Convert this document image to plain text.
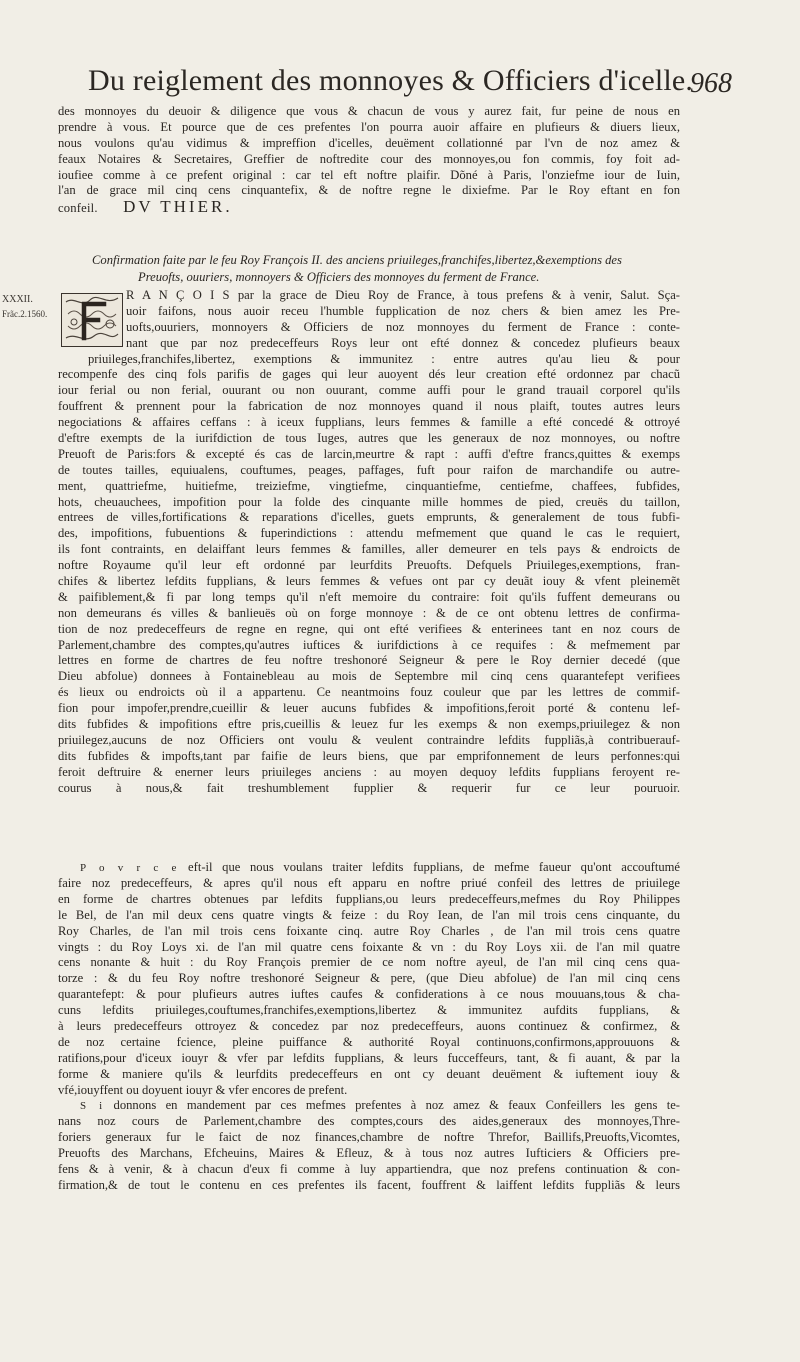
Du reiglement des monnoyes & Officiers d'icelle.
968
des monnoyes du deuoir & diligence que vous & chacun de vous y aurez fait, fur peine de nous en
prendre à vous. Et pource que de ces prefentes l'on pourra auoir affaire en plufieurs & diuers lieux,
nous voulons qu'au vidimus & impreffion d'icelles, deuëment collationné par l'vn de noz amez &
feaux Notaires & Secretaires, Greffier de noftredite cour des monnoyes,ou fon commis, foy foit ad-
ioufiee comme à ce prefent original : car tel eft noftre plaifir. Dõné à Paris, l'onziefme iour de Iuin,
l'an de grace mil cinq cens cinquantefix, & de noftre regne le dixiefme. Par le Roy eftant en fon
confeil. DV THIER.
Confirmation faite par le feu Roy François II. des anciens priuileges,franchifes,libertez,&exemptions des
Preuofts, ouuriers, monnoyers & Officiers des monnoyes du ferment de France.
XXXII.
Frãc.2.1560.
R A N Ç O I S par la grace de Dieu Roy de France, à tous prefens & à venir, Salut. Sça-
uoir faifons, nous auoir receu l'humble fupplication de noz chers & bien amez les Pre-
uofts,ouuriers, monnoyers & Officiers de noz monnoyes du ferment de France : conte-
nant que par noz predeceffeurs Roys leur ont efté donnez & concedez plufieurs beaux
priuileges,franchifes,libertez, exemptions & immunitez : entre autres qu'au lieu & pour
recompenfe des cinq fols parifis de gages qui leur auoyent dés leur creation efté ordonnez par chacũ
iour ferial ou non ferial, ouurant ou non ouurant, comme auffi pour le grand trauail corporel qu'ils
fouffrent & prennent pour la fabrication de noz monnoyes quand il nous plaift, toutes autres leurs
negociations & affaires ceffans : à iceux fupplians, leurs femmes & famille a efté concedé & ottroyé
d'eftre exempts de la iurifdiction de tous Iuges, autres que les generaux de noz monnoyes, ou noftre
Preuoft de Paris:fors & excepté és cas de larcin,meurtre & rapt : auffi d'eftre francs,quittes & exemps
de toutes tailles, equiualens, couftumes, peages, paffages, fuft pour raifon de marchandife ou autre-
ment, quattriefme, huitiefme, treiziefme, vingtiefme, cinquantiefme, centiefme, chaffees, fubfides,
hots, cheuauchees, impofition pour la folde des cinquante mille hommes de pied, creuës du taillon,
entrees de villes,fortifications & reparations d'icelles, guets emprunts, & generalement de tous fubfi-
des, impofitions, fubuentions & fuperindictions : attendu mefmement que quand le cas le requiert,
ils font contraints, en delaiffant leurs femmes & familles, aller demeurer en tels pays & endroicts de
noftre Royaume qu'il leur eft ordonné par leurfdits Preuofts. Defquels Priuileges,exemptions, fran-
chifes & libertez lefdits fupplians, & leurs femmes & vefues ont par cy deuãt iouy & vfent pleinemẽt
& paifiblement,& fi par long temps qu'il n'eft memoire du contraire: foit qu'ils fuffent demeurans ou
non demeurans és villes & banlieuës où on forge monnoye : & de ce ont obtenu lettres de confirma-
tion de noz predeceffeurs de regne en regne, qui ont efté verifiees & enterinees tant en noz cours de
Parlement,chambre des comptes,qu'autres iuftices & iurifdictions à ce requifes : & mefmement par
lettres en forme de chartres de feu noftre treshonoré Seigneur & pere le Roy dernier decedé (que
Dieu abfolue) donnees à Fontainebleau au mois de Septembre mil cinq cens quarantefept verifiees
és lieux ou endroicts où il a appartenu. Ce neantmoins fouz couleur que par les lettres de commif-
fion pour impofer,prendre,cueillir & leuer aucuns fubfides & impofitions,feroit porté & contenu lef-
dits fubfides & impofitions eftre pris,cueillis & leuez fur les exemps & non exemps,priuilegez & non
priuilegez,aucuns de noz Officiers ont voulu & veulent contraindre lefdits fuppliãs,à contribuerauf-
dits fubfides & impofts,tant par faifie de leurs biens, que par emprifonnement de leurs perfonnes:qui
feroit deftruire & enerner leurs priuileges anciens : au moyen dequoy lefdits fupplians feroyent re-
courus à nous,& fait treshumblement fupplier & requerir fur ce leur pouruoir.
P o v r c e eft-il que nous voulans traiter lefdits fupplians, de mefme faueur qu'ont accouftumé
faire noz predeceffeurs, & apres qu'il nous eft apparu en noftre priué confeil des lettres de priuilege
en forme de chartres obtenues par lefdits fupplians,ou leurs predeceffeurs,mefmes du Roy Philippes
le Bel, de l'an mil deux cens quatre vingts & feize : du Roy Iean, de l'an mil trois cens cinquante, du
Roy Charles, de l'an mil trois cens foixante cinq. autre Roy Charles , de l'an mil trois cens quatre
vingts : du Roy Loys xi. de l'an mil quatre cens foixante & vn : du Roy Loys xii. de l'an mil quatre
cens nonante & huit : du Roy François premier de ce nom noftre ayeul, de l'an mil cinq cens qua-
torze : & du feu Roy noftre treshonoré Seigneur & pere, (que Dieu abfolue) de l'an mil cinq cens
quarantefept: & pour plufieurs autres iuftes caufes & confiderations à ce nous mouuans,tous & cha-
cuns lefdits priuileges,couftumes,franchifes,exemptions,libertez & immunitez aufdits fupplians, &
à leurs predeceffeurs ottroyez & concedez par noz predeceffeurs, auons continuez & confirmez, &
de noz certaine fcience, pleine puiffance & authorité Royal continuons,confirmons,approuuons &
ratifions,pour d'iceux iouyr & vfer par lefdits fupplians, & leurs fucceffeurs, tant, & fi auant, & par la
forme & maniere qu'ils & leurfdits predeceffeurs en ont cy deuant deuëment & iuftement iouy &
vfé,iouyffent ou doyuent iouyr & vfer encores de prefent.
S i donnons en mandement par ces mefmes prefentes à noz amez & feaux Confeillers les gens te-
nans noz cours de Parlement,chambre des comptes,cours des aides,generaux des monnoyes,Thre-
foriers generaux fur le faict de noz finances,chambre de noftre Threfor, Baillifs,Preuofts,Vicomtes,
Preuofts des Marchans, Efcheuins, Maires & Efleuz, & à tous noz autres Iufticiers & Officiers pre-
fens & à venir, & à chacun d'eux fi comme à luy appartiendra, que noz prefens continuation & con-
firmation,& de tout le contenu en ces prefentes ils facent, fouffrent & laiffent lefdits fuppliãs & leurs
